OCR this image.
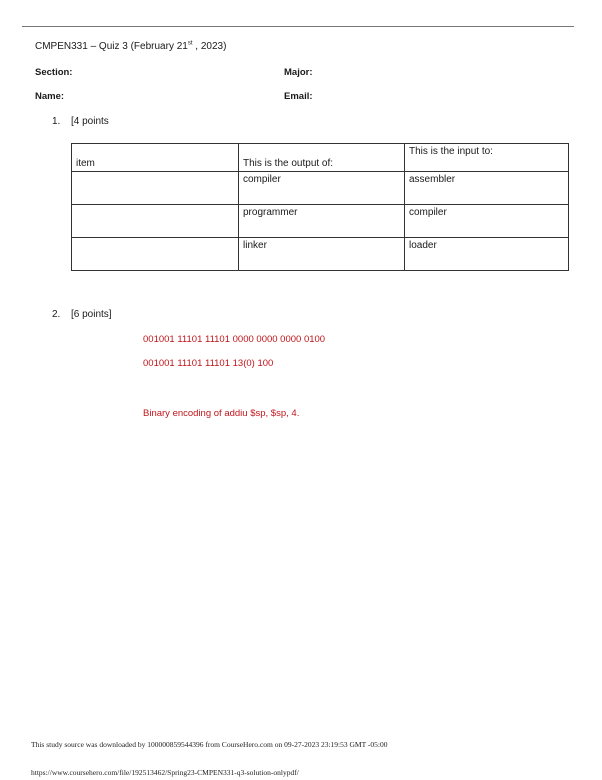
CMPEN331 – Quiz 3 (February 21st , 2023)
Section:	Major:
Name:	Email:
1. [4 points
item	This is the output of:	This is the input to:
	compiler	assembler
	programmer	compiler
	linker	loader
2. [6 points]
001001 11101 11101 0000 0000 0000 0100
001001 11101 11101 13(0) 100
Binary encoding of addiu $sp, $sp, 4.
This study source was downloaded by 100000859544396 from CourseHero.com on 09-27-2023 23:19:53 GMT -05:00
https://www.coursehero.com/file/192513462/Spring23-CMPEN331-q3-solution-onlypdf/
